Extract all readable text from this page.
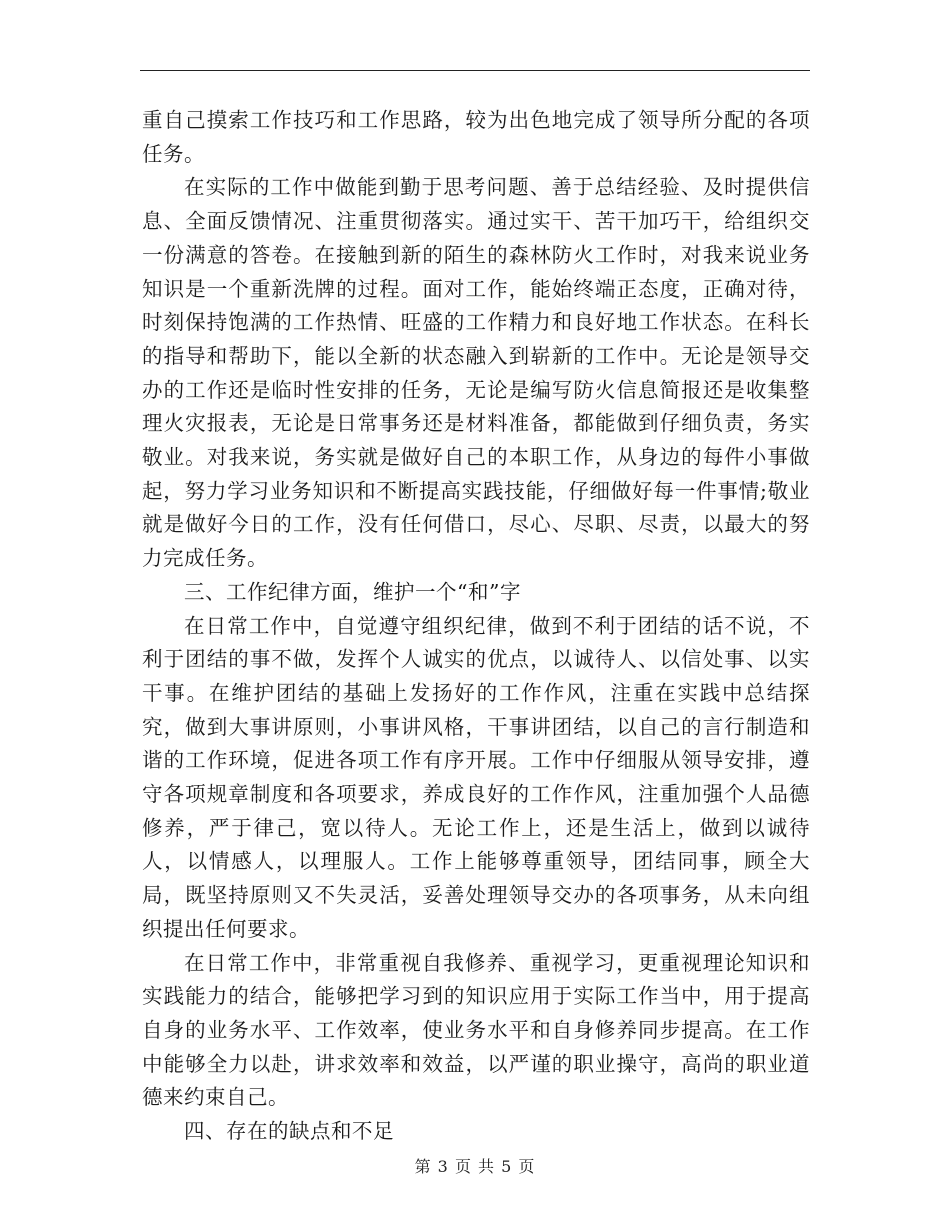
重自己摸索工作技巧和工作思路，较为出色地完成了领导所分配的各项任务。

在实际的工作中做能到勤于思考问题、善于总结经验、及时提供信息、全面反馈情况、注重贯彻落实。通过实干、苦干加巧干，给组织交一份满意的答卷。在接触到新的陌生的森林防火工作时，对我来说业务知识是一个重新洗牌的过程。面对工作，能始终端正态度，正确对待，时刻保持饱满的工作热情、旺盛的工作精力和良好地工作状态。在科长的指导和帮助下，能以全新的状态融入到崭新的工作中。无论是领导交办的工作还是临时性安排的任务，无论是编写防火信息简报还是收集整理火灾报表，无论是日常事务还是材料准备，都能做到仔细负责，务实敬业。对我来说，务实就是做好自己的本职工作，从身边的每件小事做起，努力学习业务知识和不断提高实践技能，仔细做好每一件事情;敬业就是做好今日的工作，没有任何借口，尽心、尽职、尽责，以最大的努力完成任务。

三、工作纪律方面，维护一个“和”字

在日常工作中，自觉遵守组织纪律，做到不利于团结的话不说，不利于团结的事不做，发挥个人诚实的优点，以诚待人、以信处事、以实干事。在维护团结的基础上发扬好的工作作风，注重在实践中总结探究，做到大事讲原则，小事讲风格，干事讲团结，以自己的言行制造和谐的工作环境，促进各项工作有序开展。工作中仔细服从领导安排，遵守各项规章制度和各项要求，养成良好的工作作风，注重加强个人品德修养，严于律己，宽以待人。无论工作上，还是生活上，做到以诚待人，以情感人，以理服人。工作上能够尊重领导，团结同事，顾全大局，既坚持原则又不失灵活，妥善处理领导交办的各项事务，从未向组织提出任何要求。

在日常工作中，非常重视自我修养、重视学习，更重视理论知识和实践能力的结合，能够把学习到的知识应用于实际工作当中，用于提高自身的业务水平、工作效率，使业务水平和自身修养同步提高。在工作中能够全力以赴，讲求效率和效益，以严谨的职业操守，高尚的职业道德来约束自己。

四、存在的缺点和不足

第 3 页 共 5 页
